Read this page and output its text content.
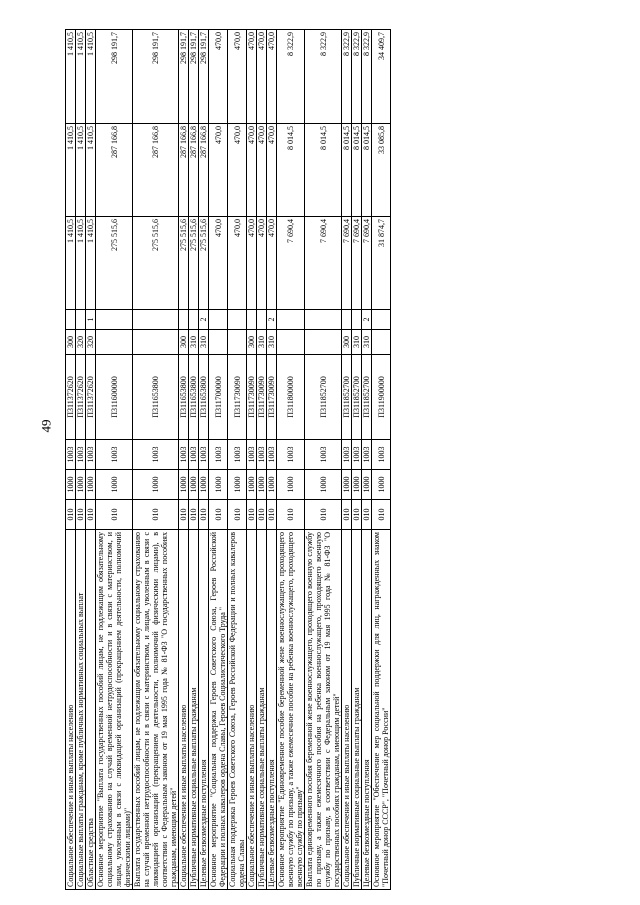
49
Социальное обеспечение и иные выплаты населению	010	1000	1003	П311372620	300		1 410,5	1 410,5	1 410,5
Социальные выплаты гражданам, кроме публичных нормативных социальных выплат	010	1000	1003	П311372620	320		1 410,5	1 410,5	1 410,5
Областные средства	010	1000	1003	П311372620	320	1	1 410,5	1 410,5	1 410,5
Основное мероприятие "Выплата государственных пособий лицам, не подлежащим обязательному социальному страхованию на случай временной нетрудоспособности и в связи с материнством, и лицам, уволенным в связи с ликвидацией организаций (прекращением деятельности, полномочий физическими лицами)"	010	1000	1003	П311600000			275 515,6	287 166,8	298 191,7
Выплата государственных пособий лицам, не подлежащим обязательному социальному страхованию на случай временной нетрудоспособности и в связи с материнством, и лицам, уволенным в связи с ликвидацией организаций (прекращением деятельности, полномочий физическими лицами), в соответствии с Федеральным законом от 19 мая 1995 года № 81-ФЗ "О государственных пособиях гражданам, имеющим детей"	010	1000	1003	П311653800			275 515,6	287 166,8	298 191,7
Социальное обеспечение и иные выплаты населению	010	1000	1003	П311653800	300		275 515,6	287 166,8	298 191,7
Публичные нормативные социальные выплаты гражданам	010	1000	1003	П311653800	310		275 515,6	287 166,8	298 191,7
Целевые безвозмездные поступления	010	1000	1003	П311653800	310	2	275 515,6	287 166,8	298 191,7
Основное мероприятие "Социальная поддержка Героев Советского Союза, Героев Российской Федерации и полных кавалеров ордена Славы, Героев Социалистического Труда "	010	1000	1003	П311700000			470,0	470,0	470,0
Социальная поддержка Героев Советского Союза, Героев Российской Федерации и полных кавалеров ордена Славы	010	1000	1003	П311730090			470,0	470,0	470,0
Социальное обеспечение и иные выплаты населению	010	1000	1003	П311730090	300		470,0	470,0	470,0
Публичные нормативные социальные выплаты гражданам	010	1000	1003	П311730090	310		470,0	470,0	470,0
Целевые безвозмездные поступления	010	1000	1003	П311730090	310	2	470,0	470,0	470,0
Основное мероприятие "Единовременное пособие беременной жене военнослужащего, проходящего военную службу по призыву, а также ежемесячное пособие на ребенка военнослужащего, проходящего военную службу по призыву"	010	1000	1003	П311800000			7 690,4	8 014,5	8 322,9
Выплата единовременного пособия беременной жене военнослужащего, проходящего военную службу по призыву, а также ежемесячного пособия на ребенка военнослужащего, проходящего военную службу по призыву, в соответствии с Федеральным законом от 19 мая 1995 года № 81-ФЗ "О государственных пособиях гражданам, имеющим детей"	010	1000	1003	П311852700			7 690,4	8 014,5	8 322,9
Социальное обеспечение и иные выплаты населению	010	1000	1003	П311852700	300		7 690,4	8 014,5	8 322,9
Публичные нормативные социальные выплаты гражданам	010	1000	1003	П311852700	310		7 690,4	8 014,5	8 322,9
Целевые безвозмездные поступления	010	1000	1003	П311852700	310	2	7 690,4	8 014,5	8 322,9
Основное мероприятие "Обеспечение мер социальной поддержки для лиц, награжденных знаком "Почетный донор СССР", "Почетный донор России"	010	1000	1003	П311900000			31 874,7	33 085,8	34 409,7
